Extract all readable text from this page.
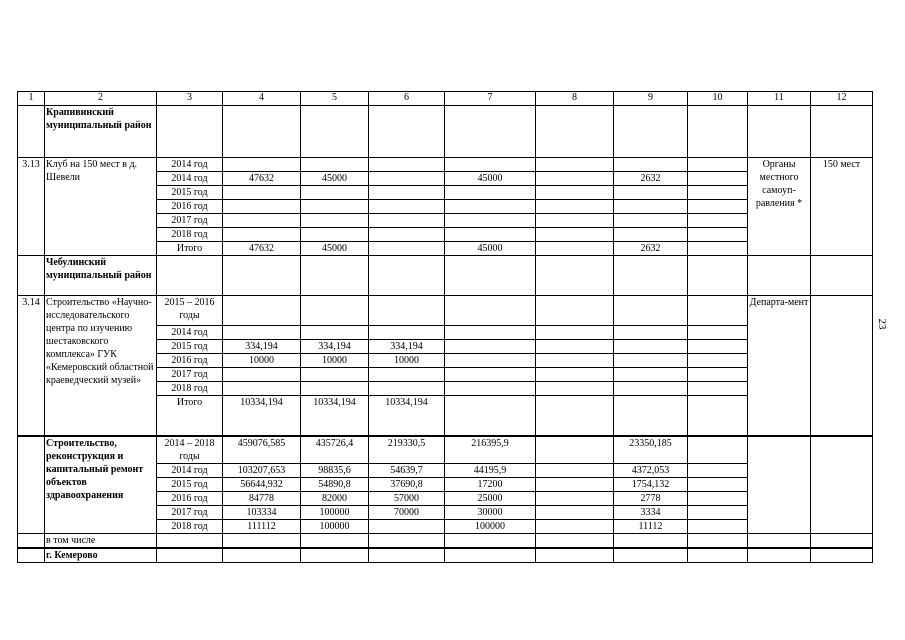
1	2	3	4	5	6	7	8	9	10	11	12
	Крапивинский муниципальный район										
3.13	Клуб на 150 мест в д. Шевели	2014 год								Органы местного самоуп-равления *	150 мест
		2014 год	47632	45000		45000		2632			
		2015 год									
		2016 год									
		2017 год									
		2018 год									
		Итого	47632	45000		45000		2632			
	Чебулинский муниципальный район										
3.14	Строительство «Научно-исследовательского центра по изучению шестаковского комплекса» ГУК «Кемеровский областной краеведческий музей»	2015 – 2016 годы								Департа-мент	
		2014 год									
		2015 год	334,194	334,194	334,194						
		2016 год	10000	10000	10000						
		2017 год									
		2018 год									
		Итого	10334,194	10334,194	10334,194						
	Строительство, реконструкция и капитальный ремонт объектов здравоохранения	2014 – 2018 годы	459076,585	435726,4	219330,5	216395,9		23350,185			
		2014 год	103207,653	98835,6	54639,7	44195,9		4372,053			
		2015 год	56644,932	54890,8	37690,8	17200		1754,132			
		2016 год	84778	82000	57000	25000		2778			
		2017 год	103334	100000	70000	30000		3334			
		2018 год	111112	100000		100000		11112			
	в том числе										
	г. Кемерово										
23
